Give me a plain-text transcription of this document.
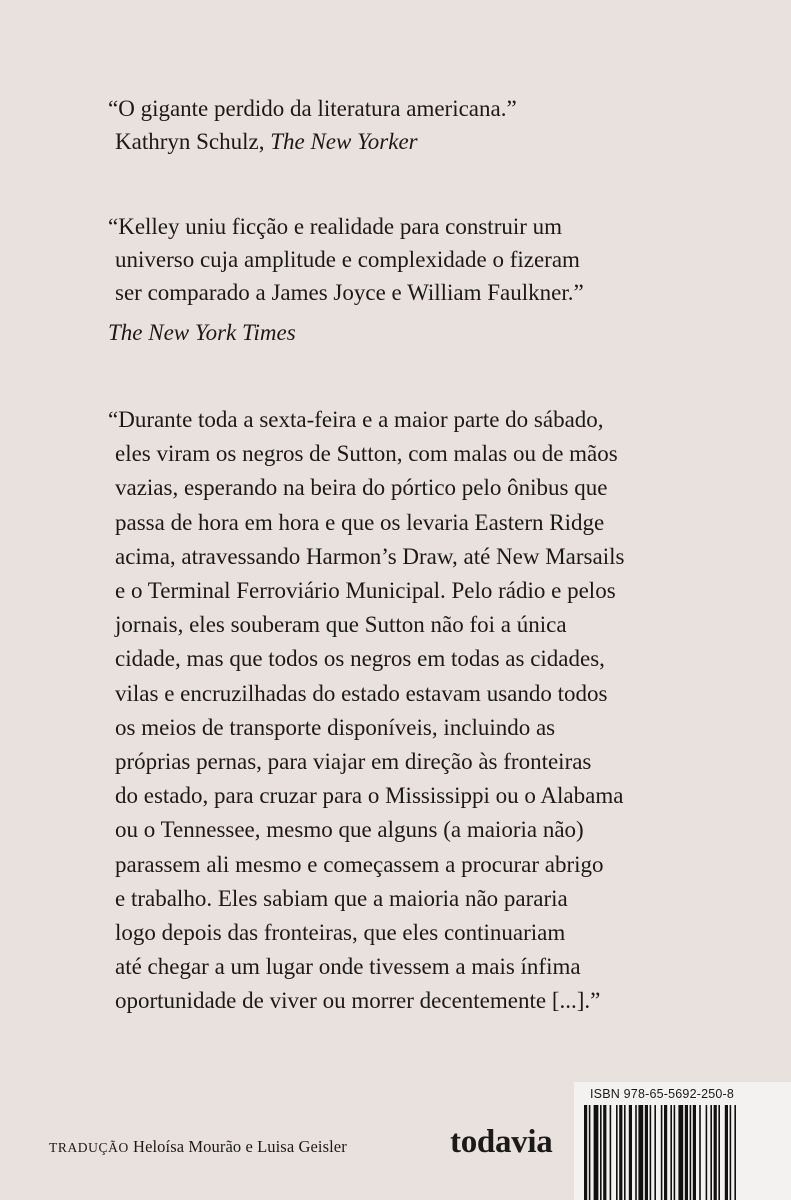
“O gigante perdido da literatura americana.”

Kathryn Schulz, The New Yorker

“Kelley uniu ficção e realidade para construir um

universo cuja amplitude e complexidade o fizeram

ser comparado a James Joyce e William Faulkner.”

The New York Times

“Durante toda a sexta-feira e a maior parte do sábado,

eles viram os negros de Sutton, com malas ou de mãos

vazias, esperando na beira do pórtico pelo ônibus que

passa de hora em hora e que os levaria Eastern Ridge

acima, atravessando Harmon’s Draw, até New Marsails

e o Terminal Ferroviário Municipal. Pelo rádio e pelos

jornais, eles souberam que Sutton não foi a única

cidade, mas que todos os negros em todas as cidades,

vilas e encruzilhadas do estado estavam usando todos

os meios de transporte disponíveis, incluindo as

próprias pernas, para viajar em direção às fronteiras

do estado, para cruzar para o Mississippi ou o Alabama

ou o Tennessee, mesmo que alguns (a maioria não)

parassem ali mesmo e começassem a procurar abrigo

e trabalho. Eles sabiam que a maioria não pararia

logo depois das fronteiras, que eles continuariam

até chegar a um lugar onde tivessem a mais ínfima

oportunidade de viver ou morrer decentemente [...].”

TRADUÇÃO Heloísa Mourão e Luisa Geisler	todavia
ISBN 978-65-5692-250-8
